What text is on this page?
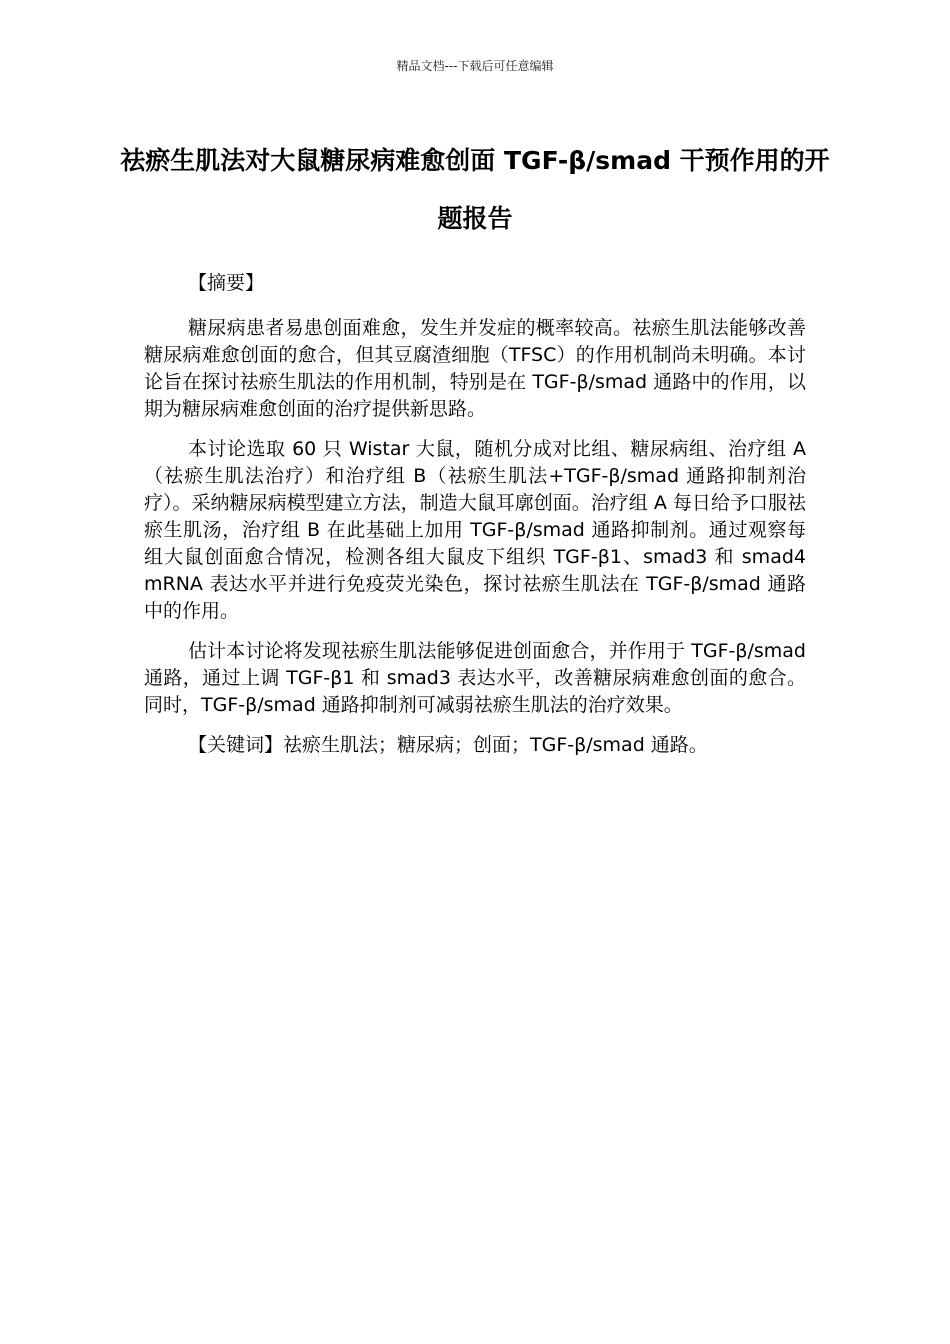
精品文档---下载后可任意编辑
祛瘀生肌法对大鼠糖尿病难愈创面 TGF-β/smad 干预作用的开题报告

【摘要】

糖尿病患者易患创面难愈，发生并发症的概率较高。祛瘀生肌法能够改善糖尿病难愈创面的愈合，但其豆腐渣细胞（TFSC）的作用机制尚未明确。本讨论旨在探讨祛瘀生肌法的作用机制，特别是在 TGF-β/smad 通路中的作用，以期为糖尿病难愈创面的治疗提供新思路。

本讨论选取 60 只 Wistar 大鼠，随机分成对比组、糖尿病组、治疗组 A（祛瘀生肌法治疗）和治疗组 B（祛瘀生肌法+TGF-β/smad 通路抑制剂治疗）。采纳糖尿病模型建立方法，制造大鼠耳廓创面。治疗组 A 每日给予口服祛瘀生肌汤，治疗组 B 在此基础上加用 TGF-β/smad 通路抑制剂。通过观察每组大鼠创面愈合情况，检测各组大鼠皮下组织 TGF-β1、smad3 和 smad4 mRNA 表达水平并进行免疫荧光染色，探讨祛瘀生肌法在 TGF-β/smad 通路中的作用。

估计本讨论将发现祛瘀生肌法能够促进创面愈合，并作用于 TGF-β/smad 通路，通过上调 TGF-β1 和 smad3 表达水平，改善糖尿病难愈创面的愈合。同时，TGF-β/smad 通路抑制剂可减弱祛瘀生肌法的治疗效果。

【关键词】祛瘀生肌法；糖尿病；创面；TGF-β/smad 通路。
